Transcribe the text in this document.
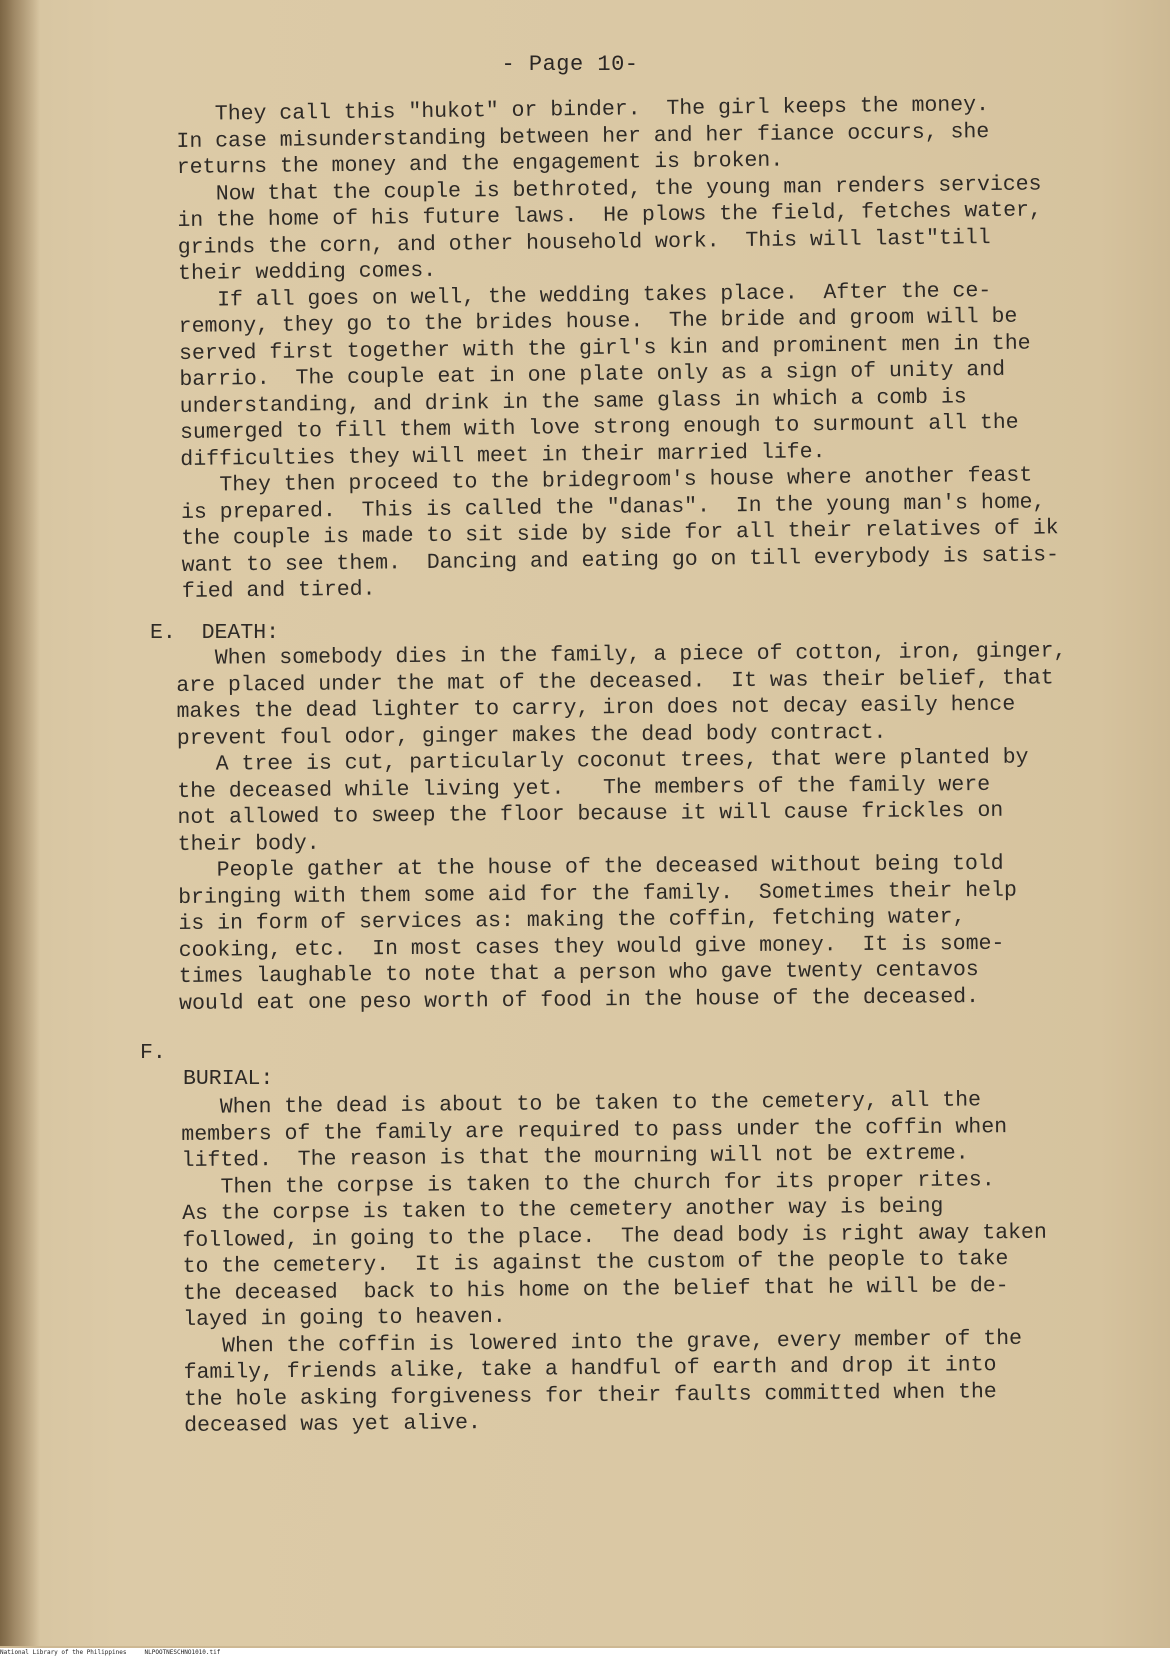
- Page 10-
They call this "hukot" or binder.  The girl keeps the money.
In case misunderstanding between her and her fiance occurs, she
returns the money and the engagement is broken.
Now that the couple is bethroted, the young man renders services
in the home of his future laws.  He plows the field, fetches water,
grinds the corn, and other household work.  This will last"till
their wedding comes.
If all goes on well, the wedding takes place.  After the ce-
remony, they go to the brides house.  The bride and groom will be
served first together with the girl's kin and prominent men in the
barrio.  The couple eat in one plate only as a sign of unity and
understanding, and drink in the same glass in which a comb is
sumerged to fill them with love strong enough to surmount all the
difficulties they will meet in their married life.
They then proceed to the bridegroom's house where another feast
is prepared.  This is called the "danas".  In the young man's home,
the couple is made to sit side by side for all their relatives of ik
want to see them.  Dancing and eating go on till everybody is satis-
fied and tired.
E.  DEATH:
When somebody dies in the family, a piece of cotton, iron, ginger,
are placed under the mat of the deceased.  It was their belief, that
makes the dead lighter to carry, iron does not decay easily hence
prevent foul odor, ginger makes the dead body contract.
A tree is cut, particularly coconut trees, that were planted by
the deceased while living yet.   The members of the family were
not allowed to sweep the floor because it will cause frickles on
their body.
People gather at the house of the deceased without being told
bringing with them some aid for the family.  Sometimes their help
is in form of services as: making the coffin, fetching water,
cooking, etc.  In most cases they would give money.  It is some-
times laughable to note that a person who gave twenty centavos
would eat one peso worth of food in the house of the deceased.
F.
BURIAL:
When the dead is about to be taken to the cemetery, all the
members of the family are required to pass under the coffin when
lifted.  The reason is that the mourning will not be extreme.
Then the corpse is taken to the church for its proper rites.
As the corpse is taken to the cemetery another way is being
followed, in going to the place.  The dead body is right away taken
to the cemetery.  It is against the custom of the people to take
the deceased  back to his home on the belief that he will be de-
layed in going to heaven.
When the coffin is lowered into the grave, every member of the
family, friends alike, take a handful of earth and drop it into
the hole asking forgiveness for their faults committed when the
deceased was yet alive.
National Library of the Philippines     NLPOOTNESCHNO1010.tif
